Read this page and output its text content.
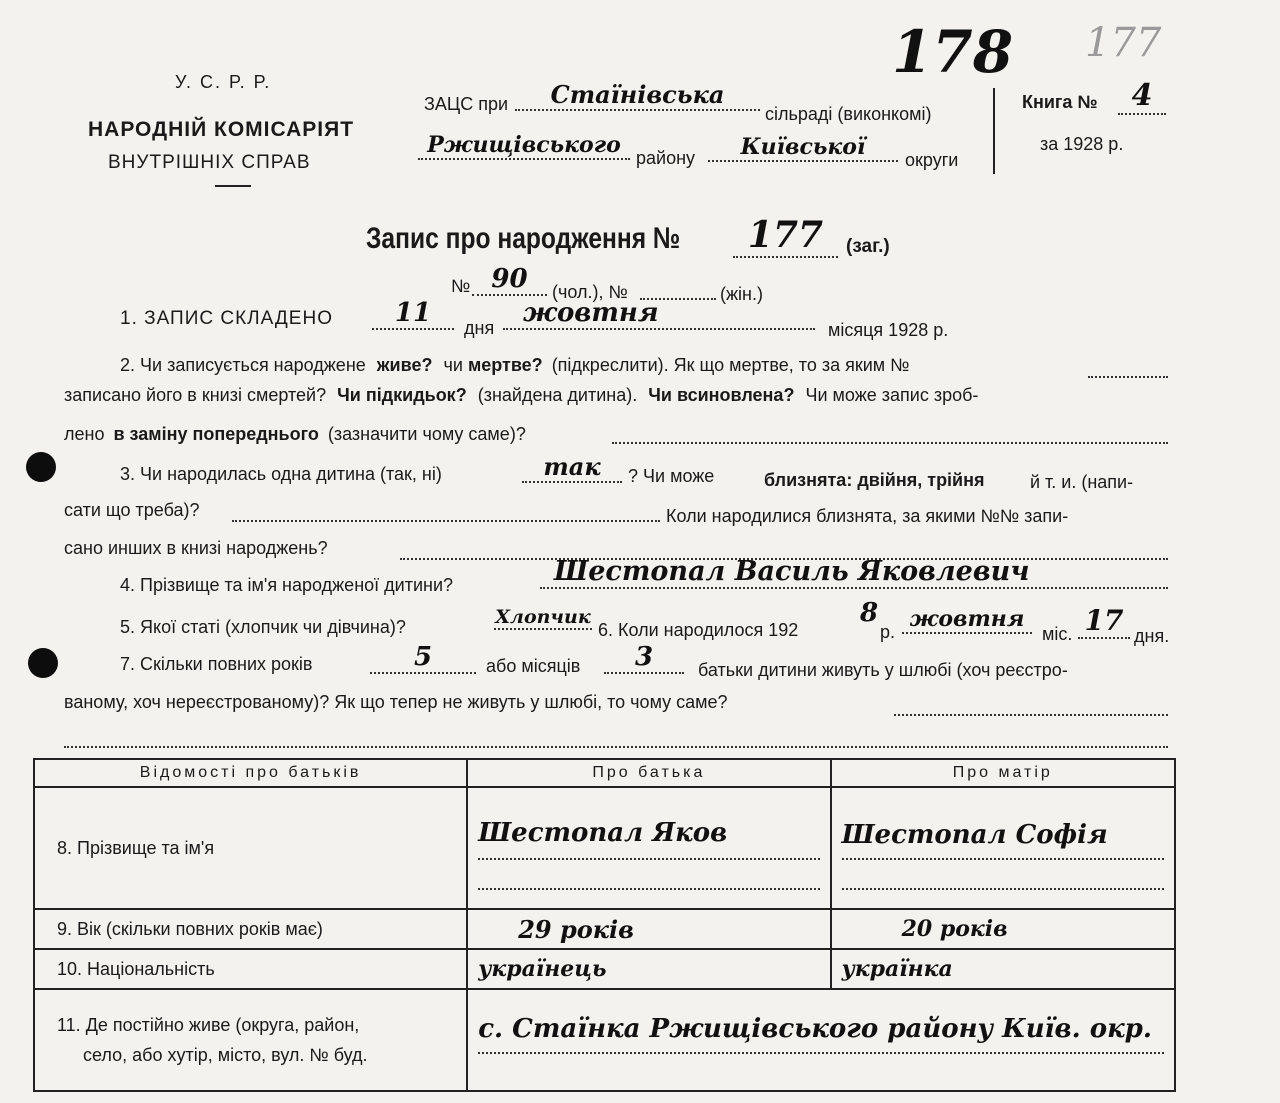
У. С. Р. Р.
НАРОДНІЙ КОМІСАРІЯТ
ВНУТРІШНІХ СПРАВ
178 177
ЗАЦС при	Стаїнівська
сільраді (виконкомі)
Ржищівського району	Київської	округи
Книга №	4
за 1928 р.
Запис про народження №	177	(заг.)
№ 90	(чол.), №	(жін.)
1. ЗАПИС СКЛАДЕНО	11	дня	жовтня
місяця 1928 р.
2. Чи записується народжене живе? чи мертве? (підкреслити). Як що мертве, то за яким №
записано його в книзі смертей? Чи підкидьок? (знайдена дитина). Чи всиновлена? Чи може запис зроб-
лено в заміну попереднього (зазначити чому саме)?
3. Чи народилась одна дитина (так, ні)	так	? Чи може	близнята: двійня, трійня	й т. и. (напи-
сати що треба)?	Коли народилися близнята, за якими №№ запи-
сано инших в книзі народжень?
4. Прізвище та ім'я народженої дитини?	Шестопал Василь Яковлевич
5. Якої статі (хлопчик чи дівчина)?	Хлопчик
6. Коли народилося 192
8
р. жовтня
міс. 17 дня.
7. Скільки повних років	5	або місяців	3	батьки дитини живуть у шлюбі (хоч реєстро-
ваному, хоч нереєстрованому)? Як що тепер не живуть у шлюбі, то чому саме?
Відомості про батьків	Про батька	Про матір
8. Прізвище та ім'я	Шестопал Яков	Шестопал Софія

9. Вік (скільки повних років має)	29 років	20 років
10. Національність	українець	українка

11. Де постійно живе (округа, район,
село, або хутір, місто, вул. № буд.	с. Стаїнка Ржищівського району Київ. окр.	
